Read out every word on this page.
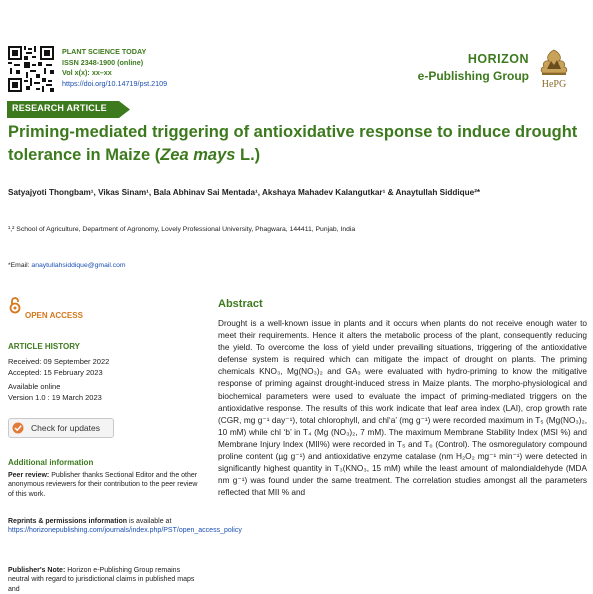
PLANT SCIENCE TODAY
ISSN 2348-1900 (online)
Vol x(x): xx–xx
https://doi.org/10.14719/pst.2109
HORIZON
e-Publishing Group
HePG
RESEARCH ARTICLE
Priming-mediated triggering of antioxidative response to induce drought tolerance in Maize (Zea mays L.)
Satyajyoti Thongbam¹, Vikas Sinam¹, Bala Abhinav Sai Mentada¹, Akshaya Mahadev Kalangutkar¹ & Anaytullah Siddique²*
¹,² School of Agriculture, Department of Agronomy, Lovely Professional University, Phagwara, 144411, Punjab, India
*Email: anaytullahsiddique@gmail.com
OPEN ACCESS
ARTICLE HISTORY
Received: 09 September 2022
Accepted: 15 February 2023
Available online
Version 1.0 : 19 March 2023
Check for updates
Additional information
Peer review: Publisher thanks Sectional Editor and the other anonymous reviewers for their contribution to the peer review of this work.
Reprints & permissions information is available at https://horizonepublishing.com/journals/index.php/PST/open_access_policy
Publisher's Note: Horizon e-Publishing Group remains neutral with regard to jurisdictional claims in published maps and
Abstract
Drought is a well-known issue in plants and it occurs when plants do not receive enough water to meet their requirements. Hence it alters the metabolic process of the plant, consequently reducing the yield. To overcome the loss of yield under prevailing situations, triggering of the antioxidative defense system is required which can mitigate the impact of drought on plants. The priming chemicals KNO₃, Mg(NO₃)₂ and GA₃ were evaluated with hydro-priming to know the mitigative response of priming against drought-induced stress in Maize plants. The morpho-physiological and biochemical parameters were used to evaluate the impact of priming-mediated triggers on the antioxidative response. The results of this work indicate that leaf area index (LAI), crop growth rate (CGR, mg g⁻¹ day⁻¹), total chlorophyll, and chl‘a’ (mg g⁻¹) were recorded maximum in T₅ (Mg(NO₃)₂, 10 mM) while chl ‘b’ in T₄ (Mg (NO₃)₂, 7 mM). The maximum Membrane Stability Index (MSI %) and Membrane Injury Index (MII%) were recorded in T₅ and T₀ (Control). The osmoregulatory compound proline content (µg g⁻¹) and antioxidative enzyme catalase (nm H₂O₂ mg⁻¹ min⁻¹) were detected in significantly highest quantity in T₃(KNO₃, 15 mM) while the least amount of malondialdehyde (MDA nm g⁻¹) was found under the same treatment. The correlation studies amongst all the parameters reflected that MII % and
